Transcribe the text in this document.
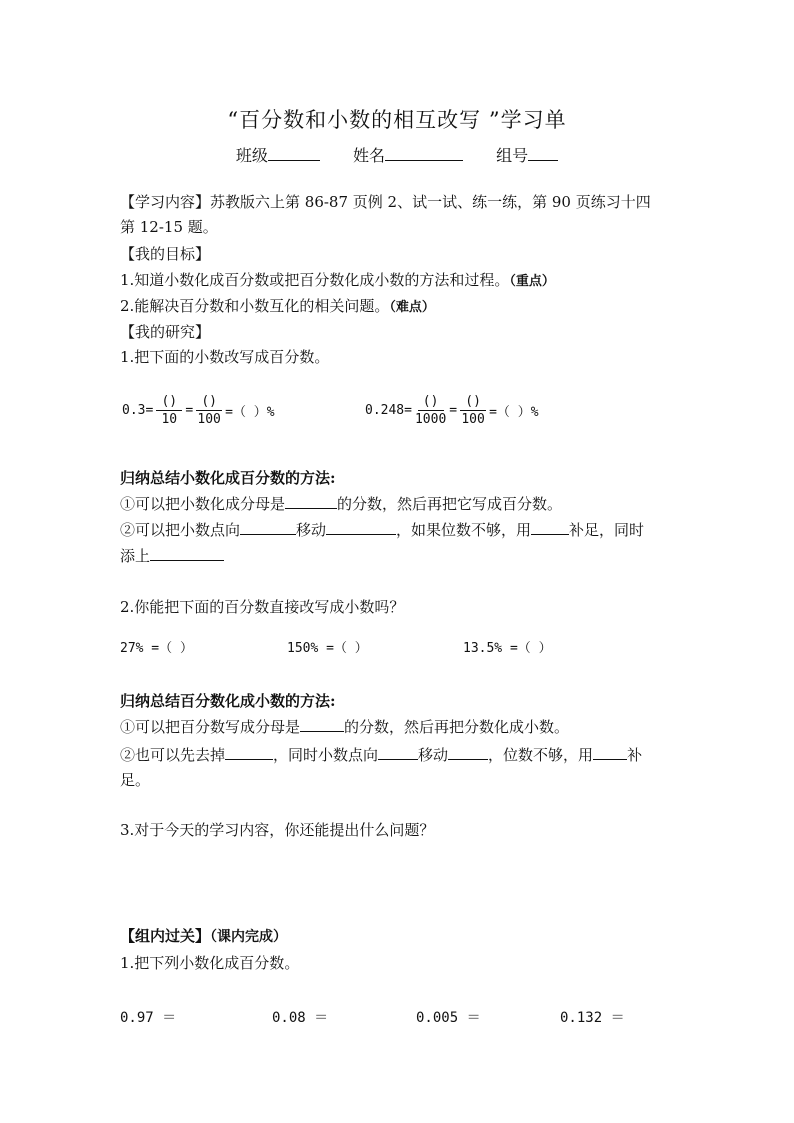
“百分数和小数的相互改写 ”学习单
班级	姓名	组号
【学习内容】苏教版六上第 86-87 页例 2、试一试、练一练，第 90 页练习十四
第 12-15 题。
【我的目标】
1.知道小数化成百分数或把百分数化成小数的方法和过程。（重点）
2.能解决百分数和小数互化的相关问题。（难点）
【我的研究】
1.把下面的小数改写成百分数。
$0.3= \frac{()}{10} = \frac{()}{100}$ =（ ）%	$0.248= \frac{()}{1000} = \frac{()}{100}$ =（ ）%
归纳总结小数化成百分数的方法:
①可以把小数化成分母是	的分数，然后再把它写成百分数。
②可以把小数点向	移动	，如果位数不够，用	补足，同时
添上
2.你能把下面的百分数直接改写成小数吗？
27% =（ ）	150% =（ ）	13.5% =（ ）
归纳总结百分数化成小数的方法:
①可以把百分数写成分母是	的分数，然后再把分数化成小数。
②也可以先去掉	，同时小数点向	移动	，位数不够，用 补
足。
3.对于今天的学习内容，你还能提出什么问题？
【组内过关】（课内完成）
1.把下列小数化成百分数。
0.97 ＝	0.08 ＝	0.005 ＝	0.132 ＝
